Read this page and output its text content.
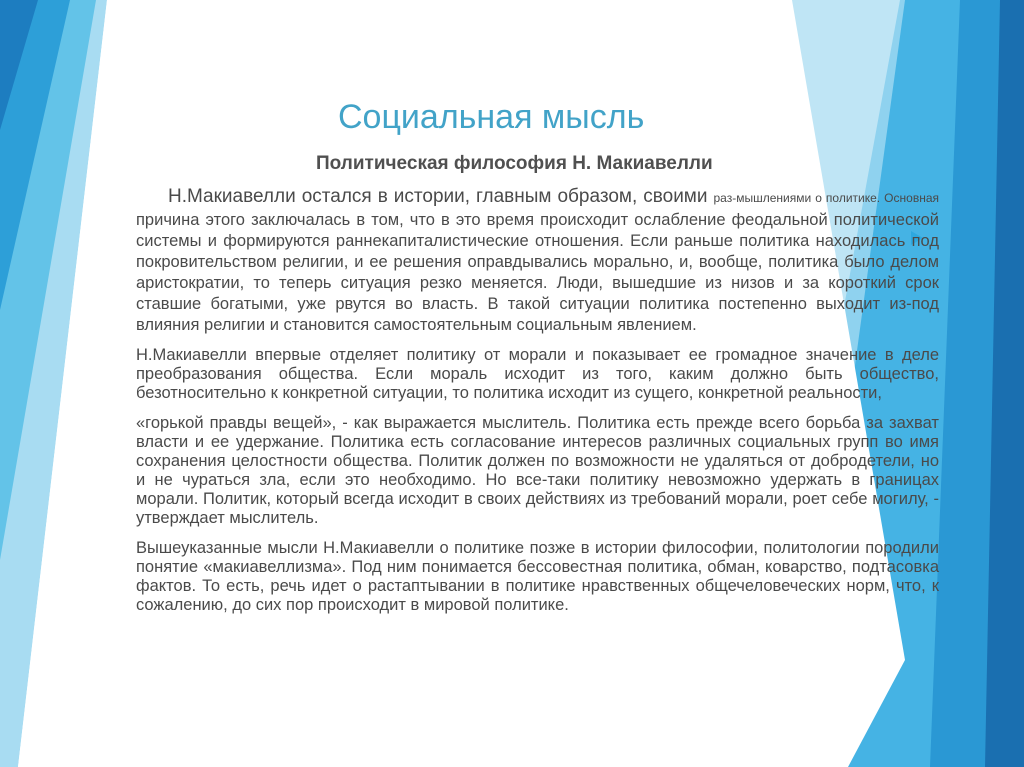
Социальная мысль
Политическая философия Н. Макиавелли

Н.Макиавелли остался в истории, главным образом, своими раз-мышлениями о политике. Основная причина этого заключалась в том, что в это время происходит ослабление феодальной политической системы и формируются раннекапиталистические отношения. Если раньше политика находилась под покровительством религии, и ее решения оправдывались морально, и, вообще, политика было делом аристократии, то теперь ситуация резко меняется. Люди, вышедшие из низов и за короткий срок ставшие богатыми, уже рвутся во власть. В такой ситуации политика постепенно выходит из-под влияния религии и становится самостоятельным социальным явлением.

Н.Макиавелли впервые отделяет политику от морали и показывает ее громадное значение в деле преобразования общества. Если мораль исходит из того, каким должно быть общество, безотносительно к конкретной ситуации, то политика исходит из сущего, конкретной реальности,

«горькой правды вещей», - как выражается мыслитель. Политика есть прежде всего борьба за захват власти и ее удержание. Политика есть согласование интересов различных социальных групп во имя сохранения целостности общества. Политик должен по возможности не удаляться от добродетели, но и не чураться зла, если это необходимо. Но все-таки политику невозможно удержать в границах морали. Политик, который всегда исходит в своих действиях из требований морали, роет себе могилу, - утверждает мыслитель.

Вышеуказанные мысли Н.Макиавелли о политике позже в истории философии, политологии породили понятие «макиавеллизма». Под ним понимается бессовестная политика, обман, коварство, подтасовка фактов. То есть, речь идет о растаптывании в политике нравственных общечеловеческих норм, что, к сожалению, до сих пор происходит в мировой политике.
